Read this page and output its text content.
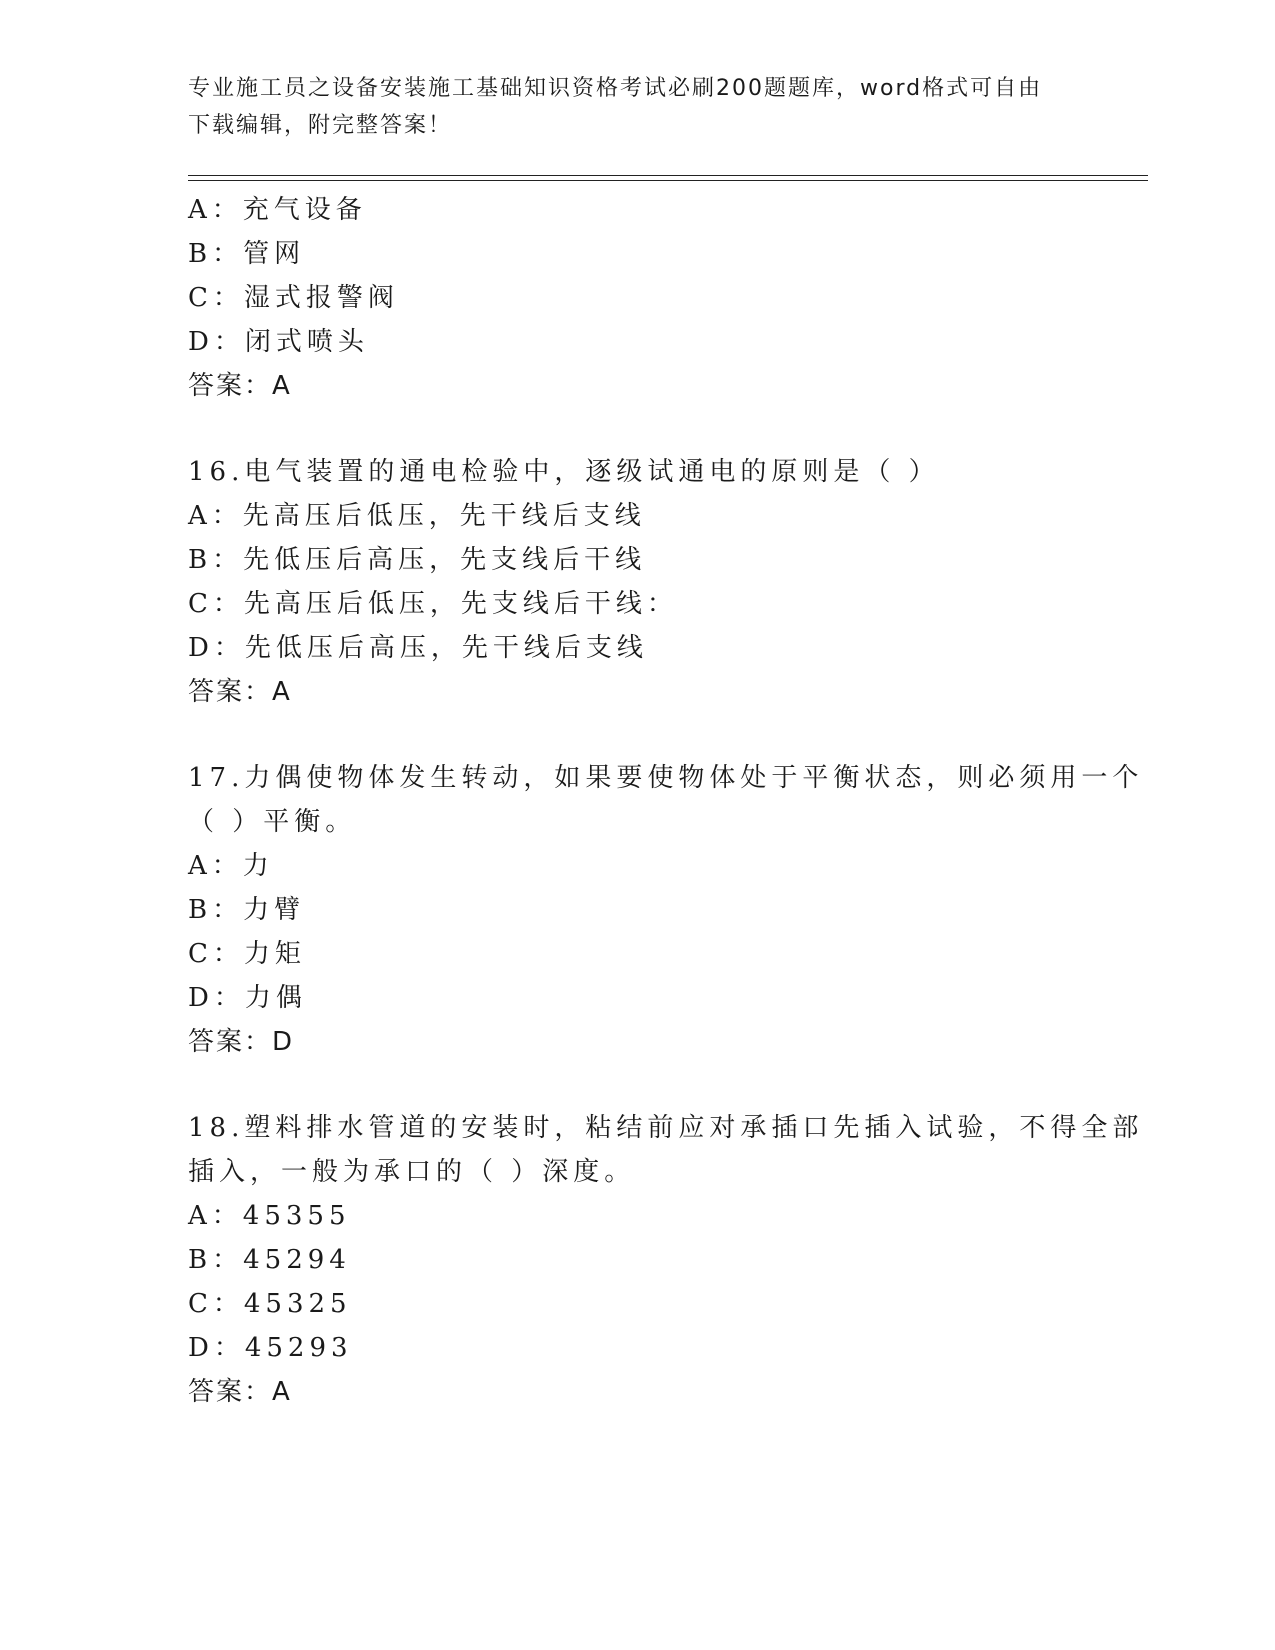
专业施工员之设备安装施工基础知识资格考试必刷200题题库，word格式可自由
下载编辑，附完整答案！
A：充气设备
B：管网
C：湿式报警阀
D：闭式喷头
答案：A
16.电气装置的通电检验中，逐级试通电的原则是（ ）
A：先高压后低压，先干线后支线
B：先低压后高压，先支线后干线
C：先高压后低压，先支线后干线：
D：先低压后高压，先干线后支线
答案：A
17.力偶使物体发生转动，如果要使物体处于平衡状态，则必须用一个
（ ）平衡。
A：力
B：力臂
C：力矩
D：力偶
答案：D
18.塑料排水管道的安装时，粘结前应对承插口先插入试验，不得全部
插入，一般为承口的（ ）深度。
A：45355
B：45294
C：45325
D：45293
答案：A
